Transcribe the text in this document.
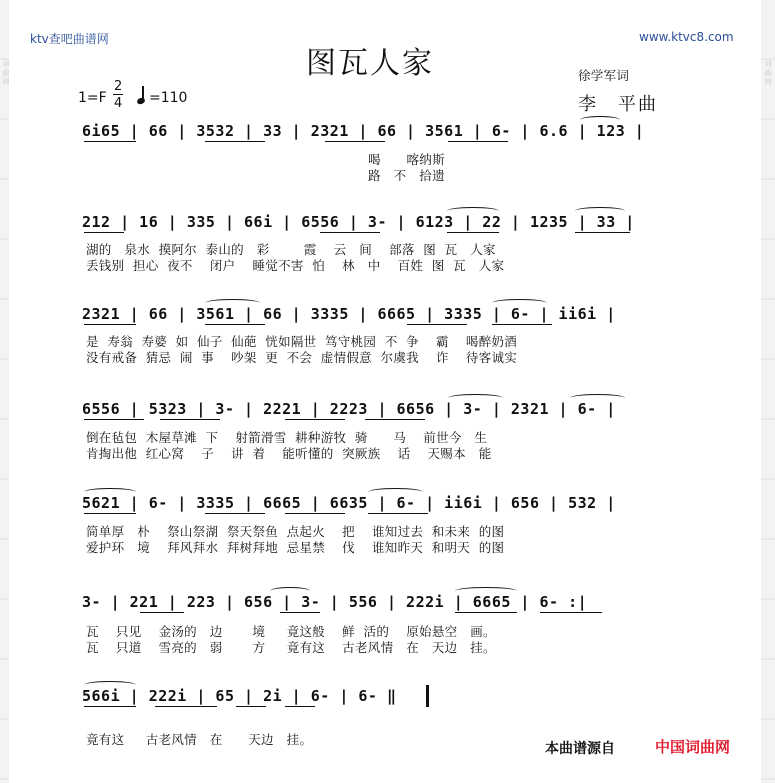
词曲网	词曲网
ktv查吧曲谱网	www.ktvc8.com
图瓦人家	徐学军词
李　平曲
1=F
2
4 =110
6i65 | 66 | 3532 | 33 | 2321 | 66 | 3561 | 6- | 6.6 | 123 |
喝      喀纳斯
路   不   拾遗
212 | 16 | 335 | 66i | 6556 | 3- | 6123 | 22 | 1235 | 33 |
湖的   泉水  摸阿尔  泰山的   彩        霞    云   间    部落  图  瓦   人家
丢钱别  担心  夜不    闭户    睡觉不害  怕    林   中    百姓  图  瓦   人家
2321 | 66 | 3561 | 66 | 3335 | 6665 | 3335 | 6- | ii6i |
是  寿翁  寿婆  如  仙子  仙葩  恍如隔世  笃守桃园  不  争    霸    喝醉奶酒
没有戒备  猜忌  闹  事    吵架  更  不会  虚情假意  尔虞我    诈    待客诚实
6556 | 5323 | 3- | 2221 | 2223 | 6656 | 3- | 2321 | 6- |
倒在毡包  木屋草滩  下    射箭滑雪  耕种游牧  骑      马    前世今   生
肯掏出他  红心窝    子    讲  着    能听懂的  突厥族    话    天赐本   能
5621 | 6- | 3335 | 6665 | 6635 | 6- | ii6i | 656 | 532 |
简单厚   朴    祭山祭湖  祭天祭鱼  点起火    把    谁知过去  和未来  的图
爱护环   境    拜风拜水  拜树拜地  忌星禁    伐    谁知昨天  和明天  的图
3- | 221 | 223 | 656 | 3- | 556 | 222i | 6665 | 6- :|
瓦    只见    金汤的   边       境     竟这般    鲜  活的    原始悬空   画。
瓦    只道    雪亮的   弱       方     竟有这    古老风情   在   天边   挂。
566i | 222i | 65 | 2i | 6- | 6- ‖
竟有这     古老风情   在      天边   挂。
本曲谱源自	中国词曲网
